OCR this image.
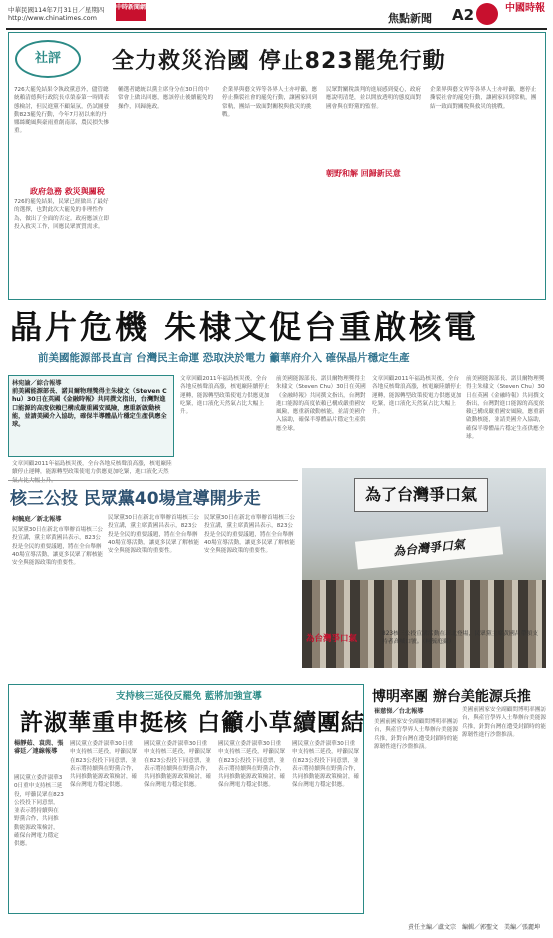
中華民國114年7月31日／星期四
http://www.chinatimes.com
中時新聞網
焦點新聞 A2	中國時報
社評	全力救災治國 停止823罷免行動
726大罷免結果令執政黨意外，儘管總統賴清德與行政院長卓榮泰第一時間表態檢討，但民進黨不顧氣氛，仍試圖發動823罷免行動，今年7月初以來的丹娜絲颱風與豪雨重創南部，農民損失慘重。
政府急務 救災與關稅
726的罷免結果，民眾已經做出了最好的選擇，也對此次大罷免的非理性作為，做出了全面的否定。政府應該立即投入救災工作，回應民眾實質需求。
輔選者總統以黨主席身分在30日的中常會上做出回應，應該停止後續罷免的操作，回歸施政。
企業界與藝文界等各界人士亦呼籲，應停止撕裂社會的罷免行動，讓國家回到常軌，團結一致面對關稅與救災的挑戰。
朝野和解 回歸新民意
民眾對關稅談判的進展感到憂心，政府應說明清楚，並以開放透明的態度面對國會與在野黨的監督。
企業界與藝文界等各界人士亦呼籲，應停止撕裂社會的罷免行動，讓國家回到常軌，團結一致面對關稅與救災的挑戰。
晶片危機 朱棣文促台重啟核電
前美國能源部長直言 台灣民主命運 恐取決於電力 籲華府介入 確保晶片穩定生產
林宛諭／綜合報導
前美國能源部長、諾貝爾物理獎得主朱棣文（Steven Chu）30日在英國《金融時報》共同撰文指出，台灣對進口能源的高度依賴已構成嚴重國安風險，應重新啟動核能，並請美國介入協助，確保半導體晶片穩定生產供應全球。
文章回顧2011年福島核災後，全台各地反核聲浪高漲，核電廠陸續停止運轉，能源轉型政策使電力供應更加吃緊，進口液化天然
文章回顧2011年福島核災後，全台各地反核聲浪高漲，核電廠陸續停止運轉，能源轉型政策使電力供應更加吃緊，進口液化天然氣占比大幅上升。
前美國能源部長、諾貝爾物理獎得主朱棣文（Steven Chu）30日在英國《金融時報》共同撰文指出，台灣對進口能源的高度依賴已構成嚴重國安風險，應重新啟動核能，並請美國介入協助，確保半導體晶片穩定生產供應全球。
文章回顧2011年福島核災後，全台各地反核聲浪高漲，核電廠陸續停止運轉，能源轉型政策使電力供應更加吃緊，進口液化天然氣占比大幅上升。
前美國能源部長、諾貝爾物理獎得主朱棣文（Steven Chu）30日在英國《金融時報》共同撰文指出，台灣對進口能源的高度依賴已構成嚴重國安風險，應重新啟動核能，並請美國介入協助，確保半導體晶片穩定生產供應全球。
核三公投 民眾黨40場宣導開步走
柯毓庭／新北報導
民眾黨30日在新北市舉辦首場核三公投宣講，黨主席黃國昌表示，823公投是全民的重要議題，將在全台舉辦40場宣導活動，讓更多民眾了解核能安全與能源政策的重要性。
民眾黨30日在新北市舉辦首場核三公投宣講，黨主席黃國昌表示，823公投是全民的重要議題，將在全台舉辦40場宣導活動，讓更多民眾了解核能安全與能源政策的重要性。
民眾黨30日在新北市舉辦首場核三公投宣講，黨主席黃國昌表示，823公投是全民的重要議題，將在全台舉辦40場宣導活動，讓更多民眾了解核能安全與能源政策的重要性。
為了台灣爭口氣
為台灣爭口氣
為台灣爭口氣	823核三公投宣講活動在新北登場，民眾黨主席黃國昌帶領支持者高喊口號。（柯毓庭攝）
支持核三延役反罷免 藍將加強宣導
許淑華重申挺核 白籲小草續團結
楊靜茹、袁茵、張睿廷／連線報導
國民黨立委許淑華30日重申支持核三延役，呼籲民眾在823公投投下同意票，並表示將持續與在野黨合作，共同推動能源政策檢討，確保台灣電力穩定供應。
國民黨立委許淑華30日重申支持核三延役，呼籲民眾在823公投投下同意票，並表示將持續與在野黨合作，共同推動能源政策檢討，確保台灣電力穩定供應。
國民黨立委許淑華30日重申支持核三延役，呼籲民眾在823公投投下同意票，並表示將持續與在野黨合作，共同推動能源政策檢討，確保台灣電力穩定供應。
國民黨立委許淑華30日重申支持核三延役，呼籲民眾在823公投投下同意票，並表示將持續與在野黨合作，共同推動能源政策檢討，確保台灣電力穩定供應。
國民黨立委許淑華30日重申支持核三延役，呼籲民眾在823公投投下同意票，並表示將持續與在野黨合作，共同推動能源政策檢討，確保台灣電力穩定供應。
博明率團 辦台美能源兵推
崔慈悌／台北報導
美國前國家安全副顧問博明率團訪台，與產官學界人士舉辦台美能源兵推，針對台灣在遭受封鎖時的能源韌性進行沙盤推演。
美國前國家安全副顧問博明率團訪台，與產官學界人士舉辦台美能源兵推，針對台灣在遭受封鎖時的能源韌性進行沙盤推演。
責任主編／盧文宗　編輯／郭聖文　美編／張麗坤
